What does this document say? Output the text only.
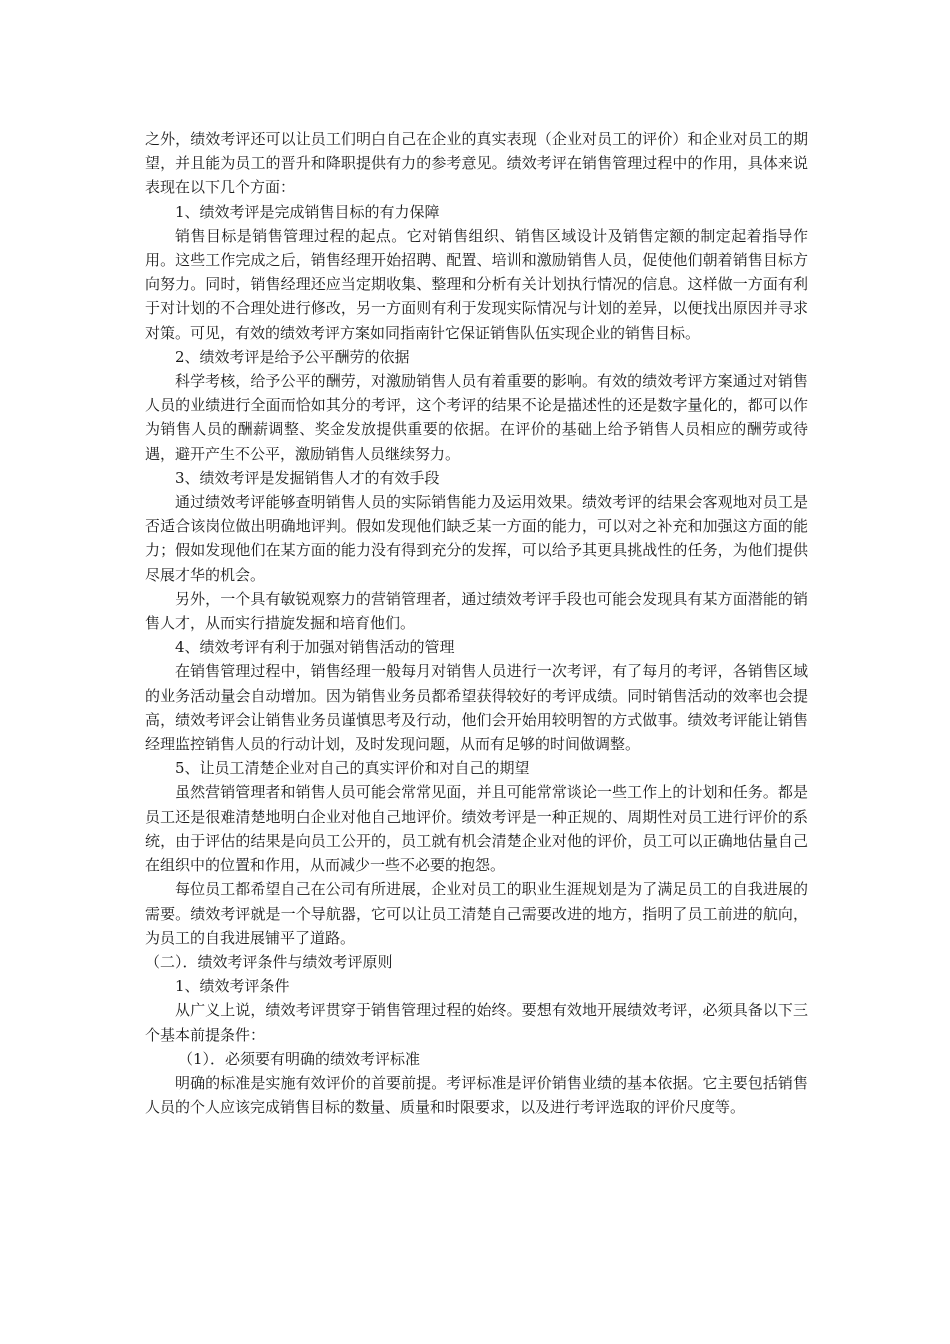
之外，绩效考评还可以让员工们明白自己在企业的真实表现（企业对员工的评价）和企业对员工的期望，并且能为员工的晋升和降职提供有力的参考意见。绩效考评在销售管理过程中的作用，具体来说表现在以下几个方面：

1、绩效考评是完成销售目标的有力保障

销售目标是销售管理过程的起点。它对销售组织、销售区域设计及销售定额的制定起着指导作用。这些工作完成之后，销售经理开始招聘、配置、培训和激励销售人员，促使他们朝着销售目标方向努力。同时，销售经理还应当定期收集、整理和分析有关计划执行情况的信息。这样做一方面有利于对计划的不合理处进行修改，另一方面则有利于发现实际情况与计划的差异，以便找出原因并寻求对策。可见，有效的绩效考评方案如同指南针它保证销售队伍实现企业的销售目标。

2、绩效考评是给予公平酬劳的依据

科学考核，给予公平的酬劳，对激励销售人员有着重要的影响。有效的绩效考评方案通过对销售人员的业绩进行全面而恰如其分的考评，这个考评的结果不论是描述性的还是数字量化的，都可以作为销售人员的酬薪调整、奖金发放提供重要的依据。在评价的基础上给予销售人员相应的酬劳或待遇，避开产生不公平，激励销售人员继续努力。

3、绩效考评是发掘销售人才的有效手段

通过绩效考评能够查明销售人员的实际销售能力及运用效果。绩效考评的结果会客观地对员工是否适合该岗位做出明确地评判。假如发现他们缺乏某一方面的能力，可以对之补充和加强这方面的能力；假如发现他们在某方面的能力没有得到充分的发挥，可以给予其更具挑战性的任务，为他们提供尽展才华的机会。

另外，一个具有敏锐观察力的营销管理者，通过绩效考评手段也可能会发现具有某方面潜能的销售人才，从而实行措旋发掘和培育他们。

4、绩效考评有利于加强对销售活动的管理

在销售管理过程中，销售经理一般每月对销售人员进行一次考评，有了每月的考评，各销售区域的业务活动量会自动增加。因为销售业务员都希望获得较好的考评成绩。同时销售活动的效率也会提高，绩效考评会让销售业务员谨慎思考及行动，他们会开始用较明智的方式做事。绩效考评能让销售经理监控销售人员的行动计划，及时发现问题，从而有足够的时间做调整。

5、让员工清楚企业对自己的真实评价和对自己的期望

虽然营销管理者和销售人员可能会常常见面，并且可能常常谈论一些工作上的计划和任务。都是员工还是很难清楚地明白企业对他自己地评价。绩效考评是一种正规的、周期性对员工进行评价的系统，由于评估的结果是向员工公开的，员工就有机会清楚企业对他的评价，员工可以正确地估量自己在组织中的位置和作用，从而减少一些不必要的抱怨。

每位员工都希望自己在公司有所进展，企业对员工的职业生涯规划是为了满足员工的自我进展的需要。绩效考评就是一个导航器，它可以让员工清楚自己需要改进的地方，指明了员工前进的航向，为员工的自我进展铺平了道路。

（二）．绩效考评条件与绩效考评原则

1、绩效考评条件

从广义上说，绩效考评贯穿于销售管理过程的始终。要想有效地开展绩效考评，必须具备以下三个基本前提条件：

（1）．必须要有明确的绩效考评标准

明确的标准是实施有效评价的首要前提。考评标准是评价销售业绩的基本依据。它主要包括销售人员的个人应该完成销售目标的数量、质量和时限要求，以及进行考评选取的评价尺度等。
